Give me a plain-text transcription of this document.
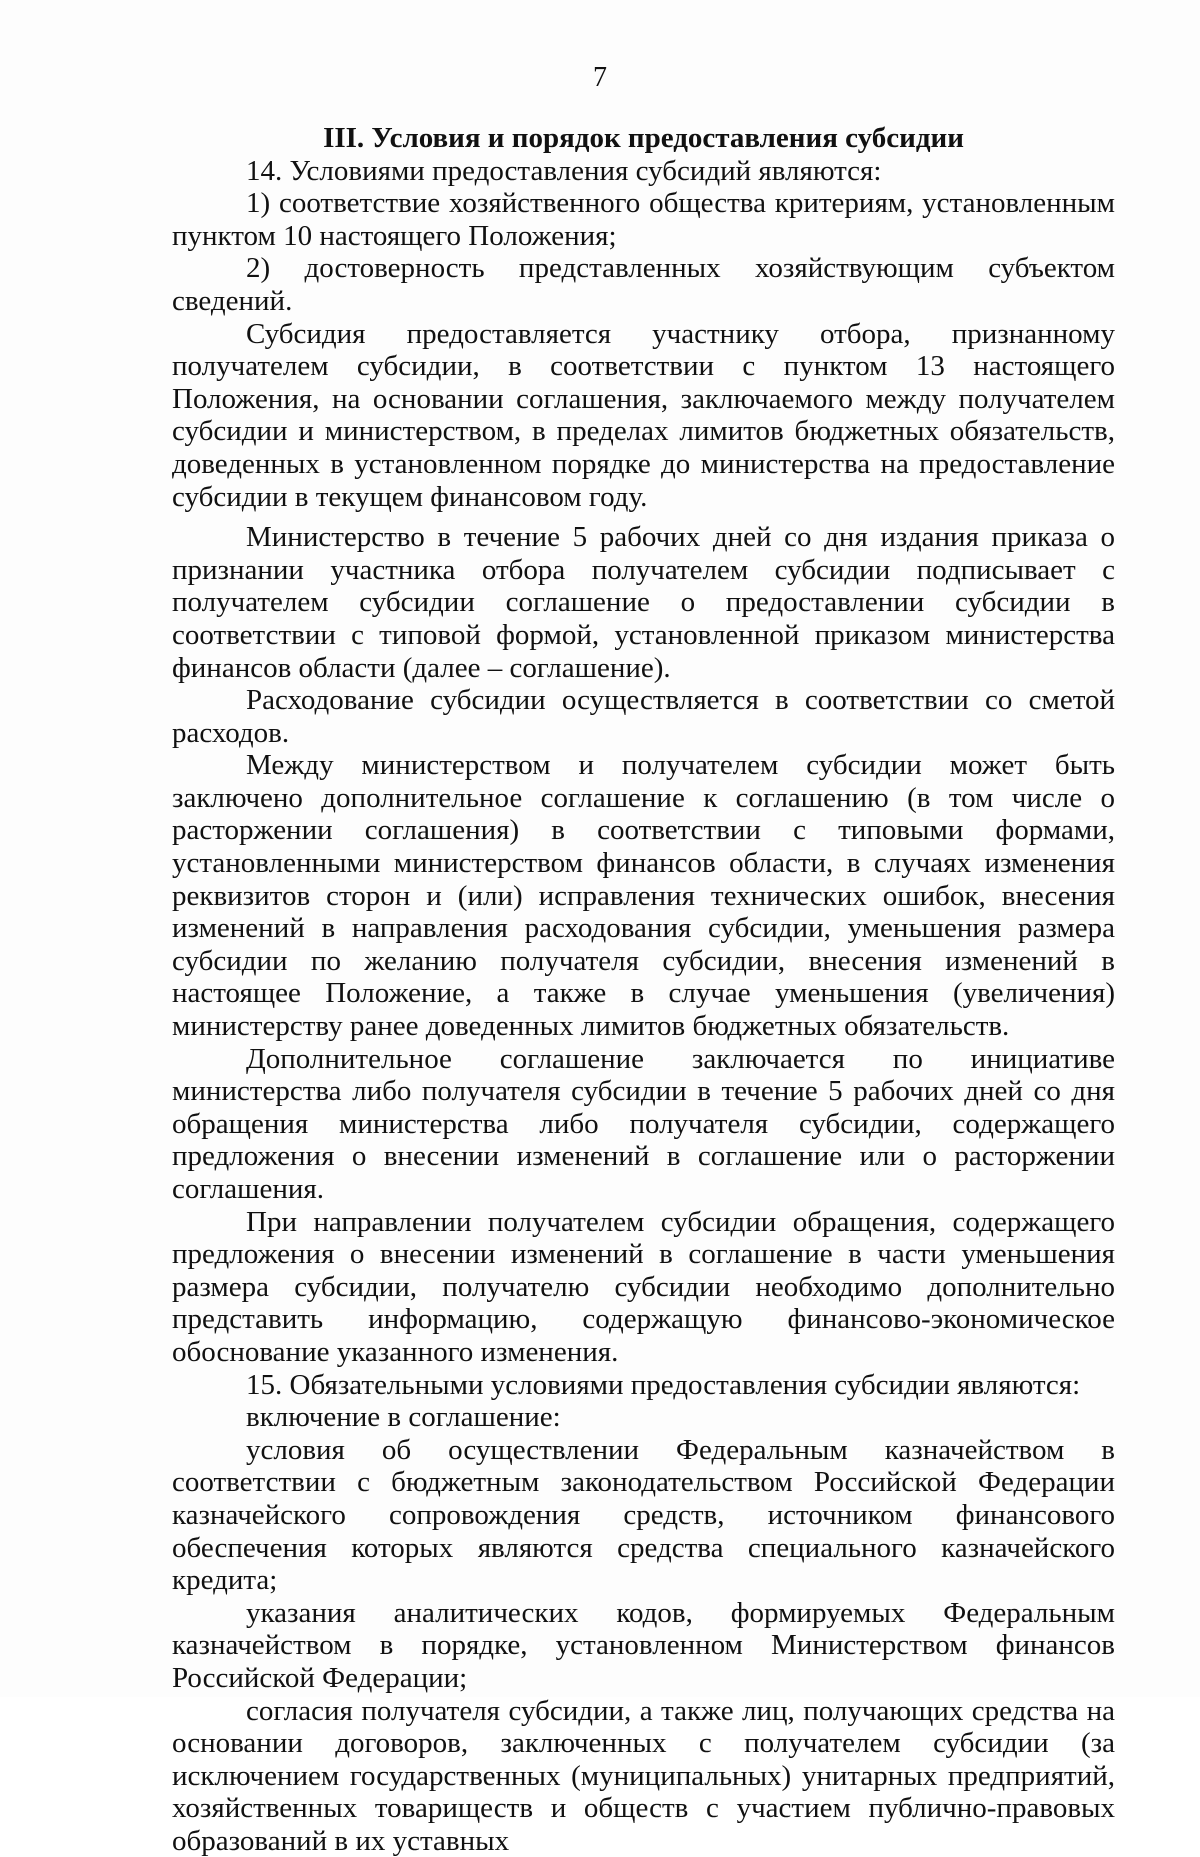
7
III. Условия и порядок предоставления субсидии

14. Условиями предоставления субсидий являются:

1) соответствие хозяйственного общества критериям, установленным пунктом 10 настоящего Положения;

2) достоверность представленных хозяйствующим субъектом сведений.

Субсидия предоставляется участнику отбора, признанному получателем субсидии, в соответствии с пунктом 13 настоящего Положения, на основании соглашения, заключаемого между получателем субсидии и министерством, в пределах лимитов бюджетных обязательств, доведенных в установленном порядке до министерства на предоставление субсидии в текущем финансовом году.

Министерство в течение 5 рабочих дней со дня издания приказа о признании участника отбора получателем субсидии подписывает с получателем субсидии соглашение о предоставлении субсидии в соответствии с типовой формой, установленной приказом министерства финансов области (далее – соглашение).

Расходование субсидии осуществляется в соответствии со сметой расходов.

Между министерством и получателем субсидии может быть заключено дополнительное соглашение к соглашению (в том числе о расторжении соглашения) в соответствии с типовыми формами, установленными министерством финансов области, в случаях изменения реквизитов сторон и (или) исправления технических ошибок, внесения изменений в направления расходования субсидии, уменьшения размера субсидии по желанию получателя субсидии, внесения изменений в настоящее Положение, а также в случае уменьшения (увеличения) министерству ранее доведенных лимитов бюджетных обязательств.

Дополнительное соглашение заключается по инициативе министерства либо получателя субсидии в течение 5 рабочих дней со дня обращения министерства либо получателя субсидии, содержащего предложения о внесении изменений в соглашение или о расторжении соглашения.

При направлении получателем субсидии обращения, содержащего предложения о внесении изменений в соглашение в части уменьшения размера субсидии, получателю субсидии необходимо дополнительно представить информацию, содержащую финансово-экономическое обоснование указанного изменения.

15. Обязательными условиями предоставления субсидии являются:

включение в соглашение:

условия об осуществлении Федеральным казначейством в соответствии с бюджетным законодательством Российской Федерации казначейского сопровождения средств, источником финансового обеспечения которых являются средства специального казначейского кредита;

указания аналитических кодов, формируемых Федеральным казначейством в порядке, установленном Министерством финансов Российской Федерации;

согласия получателя субсидии, а также лиц, получающих средства на основании договоров, заключенных с получателем субсидии (за исключением государственных (муниципальных) унитарных предприятий, хозяйственных товариществ и обществ с участием публично-правовых образований в их уставных
